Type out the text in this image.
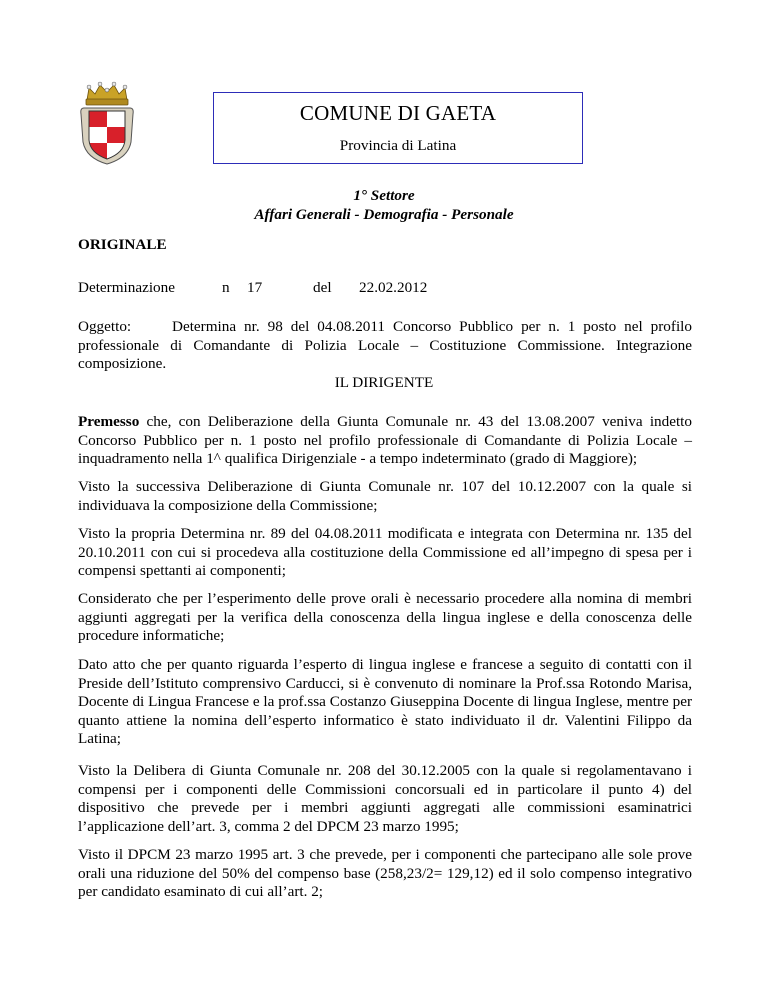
COMUNE DI GAETA
Provincia di Latina
1° Settore
Affari Generali - Demografia - Personale
ORIGINALE
Determinazione	n 17	del 22.02.2012

Oggetto:	Determina nr. 98 del 04.08.2011 Concorso Pubblico per n. 1 posto nel profilo professionale di Comandante di Polizia Locale – Costituzione Commissione. Integrazione composizione.

IL DIRIGENTE

Premesso che, con Deliberazione della Giunta Comunale nr. 43 del 13.08.2007 veniva indetto Concorso Pubblico per n. 1 posto nel profilo professionale di Comandante di Polizia Locale – inquadramento nella 1^ qualifica Dirigenziale - a tempo indeterminato (grado di Maggiore);

Visto la successiva Deliberazione di Giunta Comunale nr. 107 del 10.12.2007 con la quale si individuava la composizione della Commissione;

Visto la propria Determina nr. 89 del 04.08.2011 modificata e integrata con Determina nr. 135 del 20.10.2011 con cui si procedeva alla costituzione della Commissione ed all’impegno di spesa per i compensi spettanti ai componenti;

Considerato che per l’esperimento delle prove orali è necessario procedere alla nomina di membri aggiunti aggregati per la verifica della conoscenza della lingua inglese e della conoscenza delle procedure informatiche;

Dato atto che per quanto riguarda l’esperto di lingua inglese e francese a seguito di contatti con il Preside dell’Istituto comprensivo Carducci, si è convenuto di nominare la Prof.ssa Rotondo Marisa, Docente di Lingua Francese e la prof.ssa Costanzo Giuseppina Docente di lingua Inglese, mentre per quanto attiene la nomina dell’esperto informatico è stato individuato il dr. Valentini Filippo da Latina;

Visto la Delibera di Giunta Comunale nr. 208 del 30.12.2005 con la quale si regolamentavano i compensi per i componenti delle Commissioni concorsuali ed in particolare il punto 4) del dispositivo che prevede per i membri aggiunti aggregati alle commissioni esaminatrici l’applicazione dell’art. 3, comma 2 del DPCM 23 marzo 1995;

Visto il DPCM 23 marzo 1995 art. 3 che prevede, per i componenti che partecipano alle sole prove orali una riduzione del 50% del compenso base (258,23/2= 129,12) ed il solo compenso integrativo per candidato esaminato di cui all’art. 2;
